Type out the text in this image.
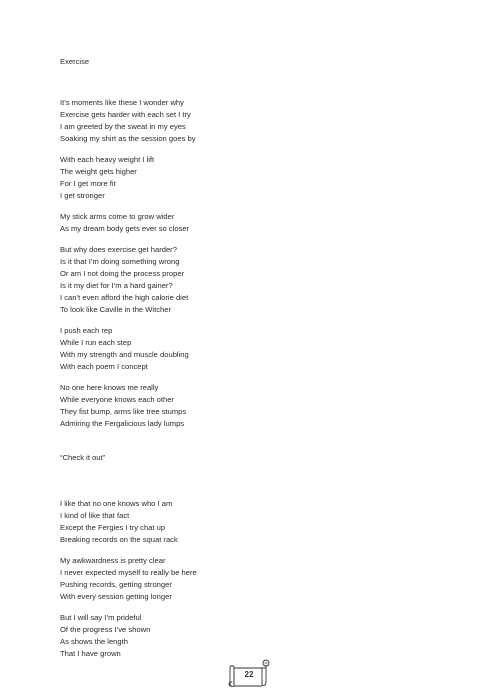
Exercise
It’s moments like these I wonder why
Exercise gets harder with each set I try
I am greeted by the sweat in my eyes
Soaking my shirt as the session goes by
With each heavy weight I lift
The weight gets higher
For I get more fit
I get stronger
My stick arms come to grow wider
As my dream body gets ever so closer
But why does exercise get harder?
Is it that I’m doing something wrong
Or am I not doing the process proper
Is it my diet for I’m a hard gainer?
I can’t even afford the high calorie diet
To look like Caville in the Witcher
I push each rep
While I run each step
With my strength and muscle doubling
With each poem I concept
No one here knows me really
While everyone knows each other
They fist bump, arms like tree stumps
Admiring the Fergalicious lady lumps
“Check it out”
I like that no one knows who I am
I kind of like that fact
Except the Fergies I try chat up
Breaking records on the squat rack
My awkwardness is pretty clear
I never expected myself to really be here
Pushing records, getting stronger
With every session getting longer
But I will say I’m prideful
Of the progress I’ve shown
As shows the length
That I have grown
22
